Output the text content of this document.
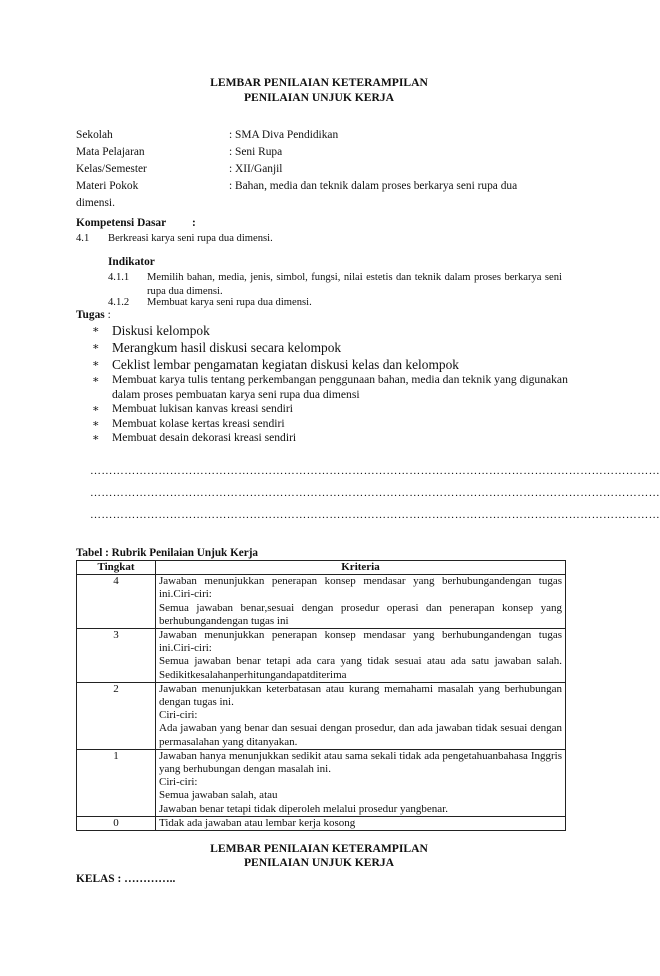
LEMBAR PENILAIAN KETERAMPILAN
PENILAIAN UNJUK KERJA
Sekolah	: SMA Diva Pendidikan
Mata Pelajaran	: Seni Rupa
Kelas/Semester	: XII/Ganjil
Materi Pokok	: Bahan, media dan teknik dalam proses berkarya seni rupa dua
dimensi.
Kompetensi Dasar :
4.1 Berkreasi karya seni rupa dua dimensi.
Indikator
4.1.1 Memilih bahan, media, jenis, simbol, fungsi, nilai estetis dan teknik dalam proses berkarya seni rupa dua dimensi.
4.1.2 Membuat karya seni rupa dua dimensi.
Tugas :
∗ Diskusi kelompok
∗ Merangkum hasil diskusi secara kelompok
∗ Ceklist lembar pengamatan kegiatan diskusi kelas dan kelompok
∗ Membuat karya tulis tentang perkembangan penggunaan bahan, media dan teknik yang digunakan dalam proses pembuatan karya seni rupa dua dimensi
∗ Membuat lukisan kanvas kreasi sendiri
∗ Membuat kolase kertas kreasi sendiri
∗ Membuat desain dekorasi kreasi sendiri
……………………………………………………………………………………………………………………………………
……………………………………………………………………………………………………………………………………
……………………………………………………………………………………………………………………………………
Tabel : Rubrik Penilaian Unjuk Kerja
Tingkat	Kriteria
4	Jawaban menunjukkan penerapan konsep mendasar yang berhubungandengan tugas ini.Ciri-ciri:
Semua jawaban benar,sesuai dengan prosedur operasi dan penerapan konsep yang berhubungandengan tugas ini

3	Jawaban menunjukkan penerapan konsep mendasar yang berhubungandengan tugas ini.Ciri-ciri:
Semua jawaban benar tetapi ada cara yang tidak sesuai atau ada satu jawaban salah. Sedikitkesalahanperhitungandapatditerima

2	Jawaban menunjukkan keterbatasan atau kurang memahami masalah yang berhubungan dengan tugas ini.
Ciri-ciri:
Ada jawaban yang benar dan sesuai dengan prosedur, dan ada jawaban tidak sesuai dengan permasalahan yang ditanyakan.

1	Jawaban hanya menunjukkan sedikit atau sama sekali tidak ada pengetahuanbahasa Inggris yang berhubungan dengan masalah ini.
Ciri-ciri:
Semua jawaban salah, atau
Jawaban benar tetapi tidak diperoleh melalui prosedur yangbenar.

0	Tidak ada jawaban atau lembar kerja kosong
LEMBAR PENILAIAN KETERAMPILAN
PENILAIAN UNJUK KERJA
KELAS : …………..
